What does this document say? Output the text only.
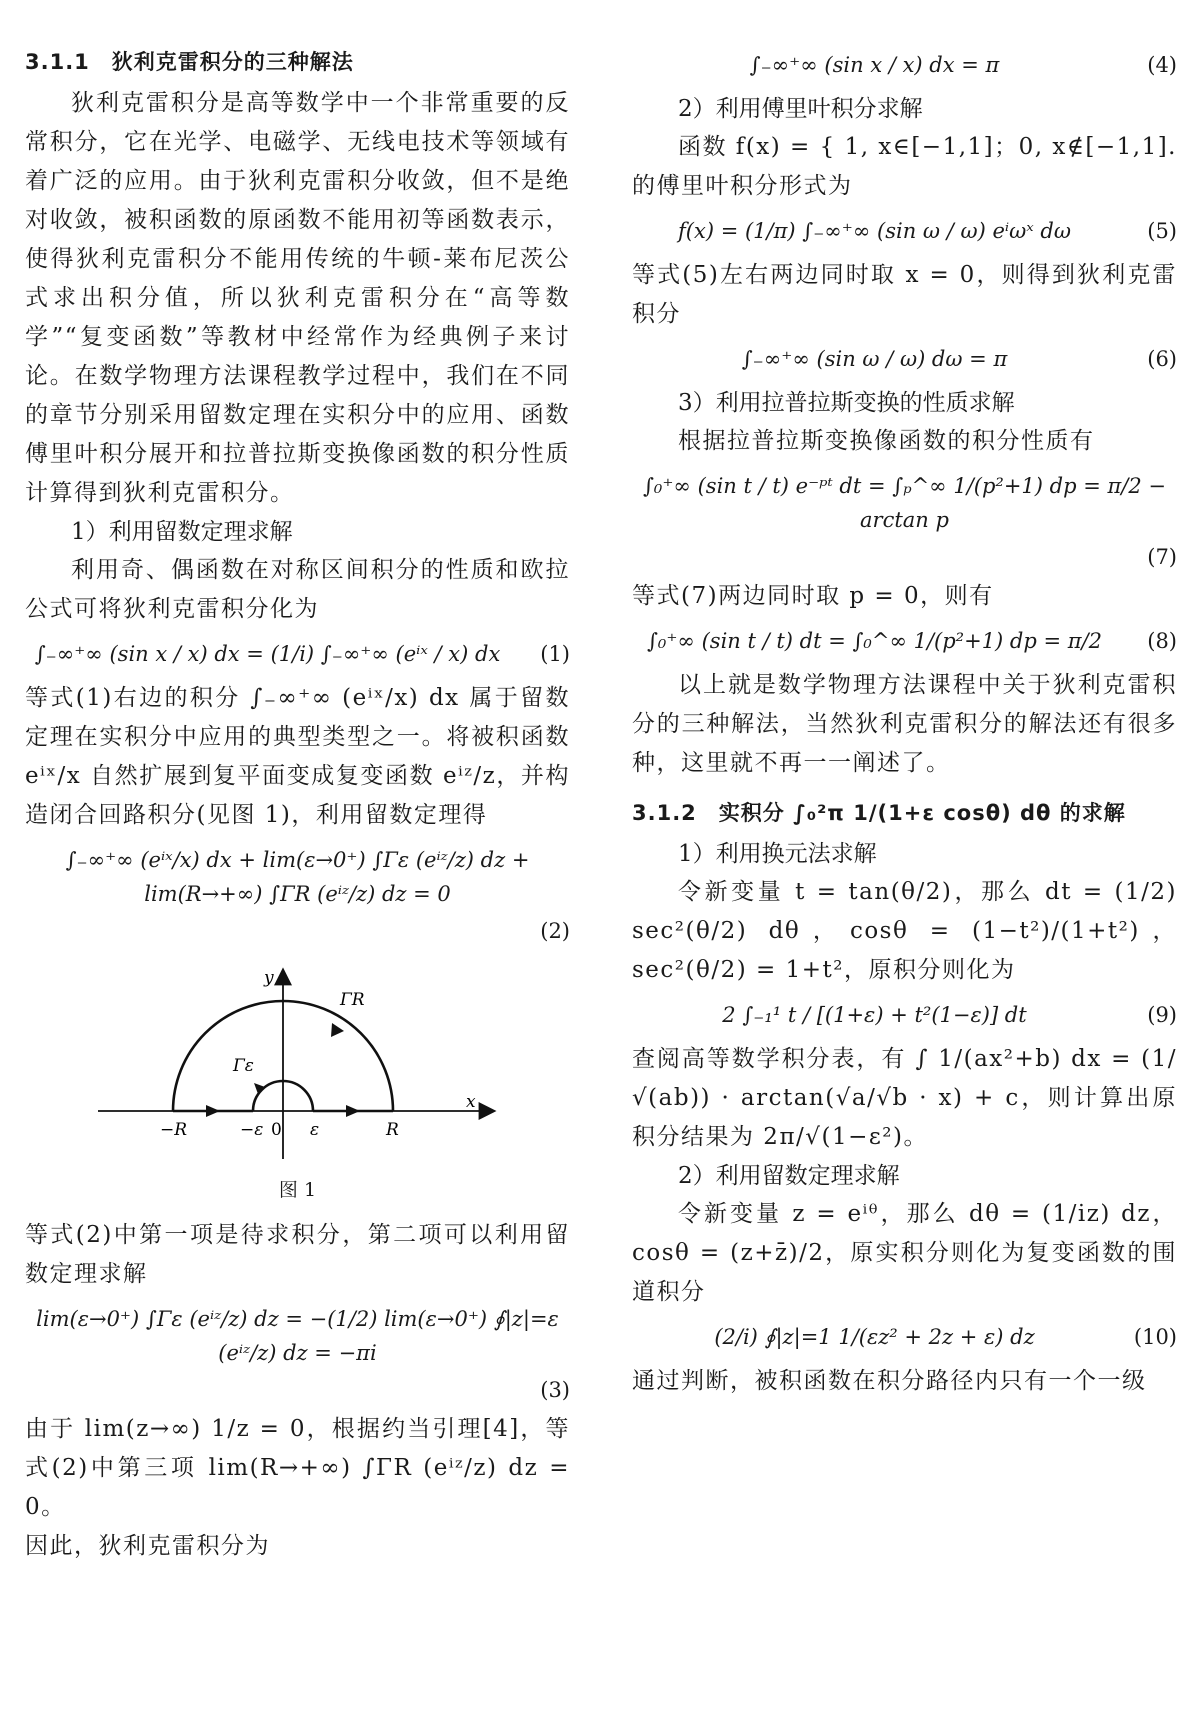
3.1.1　狄利克雷积分的三种解法

狄利克雷积分是高等数学中一个非常重要的反常积分，它在光学、电磁学、无线电技术等领域有着广泛的应用。由于狄利克雷积分收敛，但不是绝对收敛，被积函数的原函数不能用初等函数表示，使得狄利克雷积分不能用传统的牛顿-莱布尼茨公式求出积分值，所以狄利克雷积分在“高等数学”“复变函数”等教材中经常作为经典例子来讨论。在数学物理方法课程教学过程中，我们在不同的章节分别采用留数定理在实积分中的应用、函数傅里叶积分展开和拉普拉斯变换像函数的积分性质计算得到狄利克雷积分。

1）利用留数定理求解

利用奇、偶函数在对称区间积分的性质和欧拉公式可将狄利克雷积分化为

∫₋∞⁺∞ (sin x / x) dx = (1/i) ∫₋∞⁺∞ (eⁱˣ / x) dx (1)

等式(1)右边的积分 ∫₋∞⁺∞ (eⁱˣ/x) dx 属于留数定理在实积分中应用的典型类型之一。将被积函数 eⁱˣ/x 自然扩展到复平面变成复变函数 eⁱᶻ/z，并构造闭合回路积分(见图 1)，利用留数定理得

∫₋∞⁺∞ (eⁱˣ/x) dx + lim(ε→0⁺) ∫Γε (eⁱᶻ/z) dz + lim(R→+∞) ∫ΓR (eⁱᶻ/z) dz = 0
(2)
x
y
ΓR
Γε
−R	−ε 0 ε	R
图 1

等式(2)中第一项是待求积分，第二项可以利用留数定理求解

lim(ε→0⁺) ∫Γε (eⁱᶻ/z) dz = −(1/2) lim(ε→0⁺) ∮|z|=ε (eⁱᶻ/z) dz = −πi
(3)

由于 lim(z→∞) 1/z = 0，根据约当引理[4]，等式(2)中第三项 lim(R→+∞) ∫ΓR (eⁱᶻ/z) dz = 0。

因此，狄利克雷积分为

∫₋∞⁺∞ (sin x / x) dx = π	(4)

2）利用傅里叶积分求解

函数 f(x) = { 1, x∈[−1,1]；0, x∉[−1,1]. 的傅里叶积分形式为

f(x) = (1/π) ∫₋∞⁺∞ (sin ω / ω) eⁱωˣ dω	(5)

等式(5)左右两边同时取 x = 0，则得到狄利克雷积分

∫₋∞⁺∞ (sin ω / ω) dω = π	(6)

3）利用拉普拉斯变换的性质求解

根据拉普拉斯变换像函数的积分性质有

∫₀⁺∞ (sin t / t) e⁻ᵖᵗ dt = ∫ₚ^∞ 1/(p²+1) dp = π/2 − arctan p
(7)

等式(7)两边同时取 p = 0，则有

∫₀⁺∞ (sin t / t) dt = ∫₀^∞ 1/(p²+1) dp = π/2 (8)

以上就是数学物理方法课程中关于狄利克雷积分的三种解法，当然狄利克雷积分的解法还有很多种，这里就不再一一阐述了。

3.1.2　实积分 ∫₀²π 1/(1+ε cosθ) dθ 的求解

1）利用换元法求解

令新变量 t = tan(θ/2)，那么 dt = (1/2) sec²(θ/2) dθ，cosθ = (1−t²)/(1+t²)，sec²(θ/2) = 1+t²，原积分则化为

2 ∫₋₁¹ t / [(1+ε) + t²(1−ε)] dt	(9)

查阅高等数学积分表，有 ∫ 1/(ax²+b) dx = (1/√(ab)) · arctan(√a/√b · x) + c，则计算出原积分结果为 2π/√(1−ε²)。

2）利用留数定理求解

令新变量 z = eⁱᶿ，那么 dθ = (1/iz) dz，cosθ = (z+z̄)/2，原实积分则化为复变函数的围道积分

(2/i) ∮|z|=1 1/(εz² + 2z + ε) dz	(10)

通过判断，被积函数在积分路径内只有一个一级
